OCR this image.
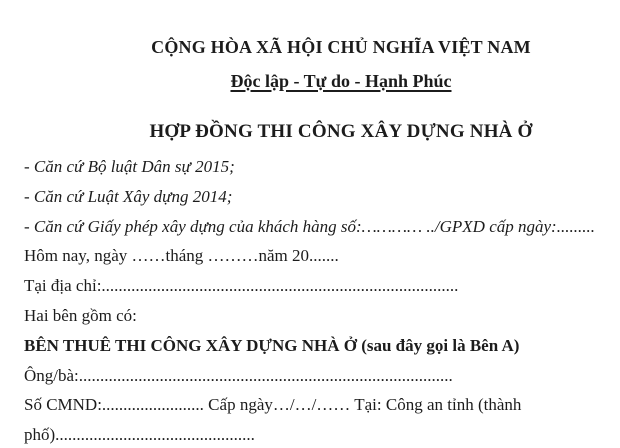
CỘNG HÒA XÃ HỘI CHỦ NGHĨA VIỆT NAM
Độc lập - Tự do - Hạnh Phúc
HỢP ĐỒNG THI CÔNG XÂY DỰNG NHÀ Ở

- Căn cứ Bộ luật Dân sự 2015;

- Căn cứ Luật Xây dựng 2014;

- Căn cứ Giấy phép xây dựng của khách hàng số:………… ../GPXD cấp ngày:.........

Hôm nay, ngày ……tháng ………năm 20.......

Tại địa chỉ:....................................................................................

Hai bên gồm có:

BÊN THUÊ THI CÔNG XÂY DỰNG NHÀ Ở (sau đây gọi là Bên A)

Ông/bà:........................................................................................

Số CMND:........................ Cấp ngày…/…/…… Tại: Công an tỉnh (thành

phố)...............................................
